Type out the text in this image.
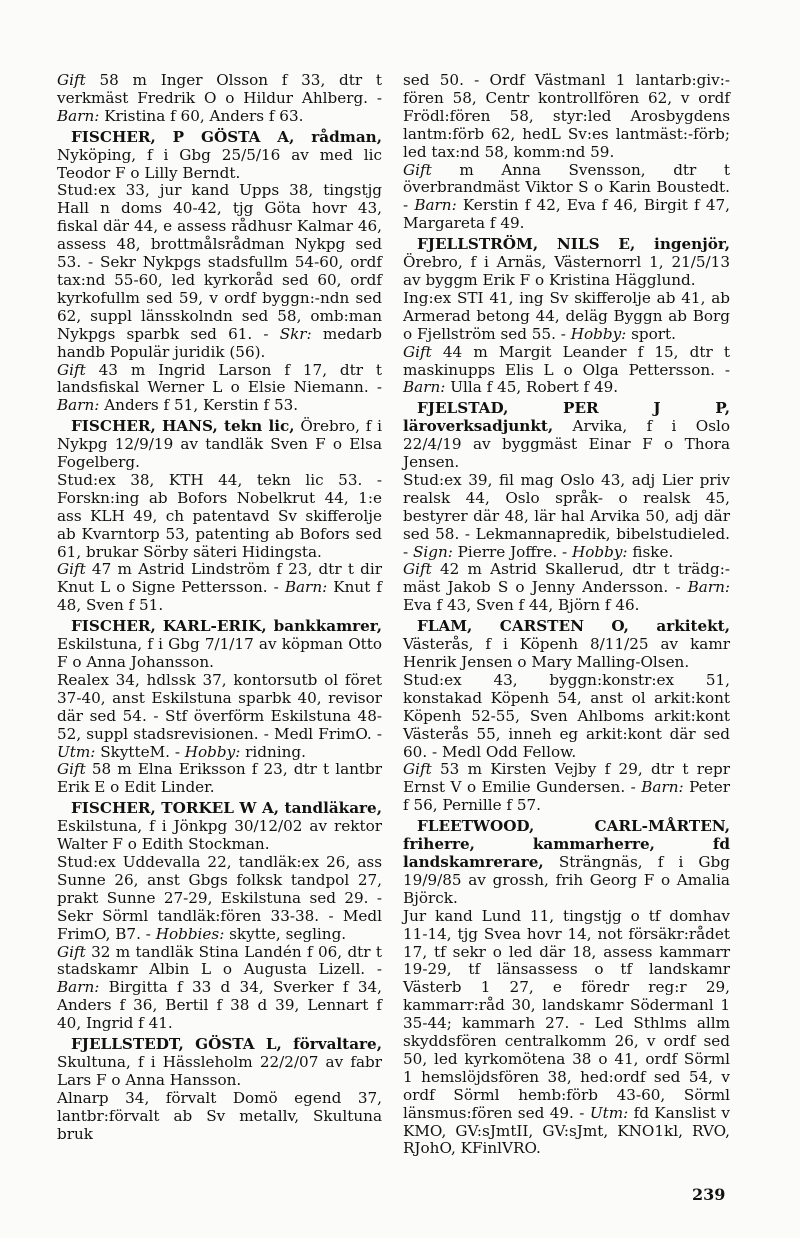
Gift 58 m Inger Olsson f 33, dtr t verkmäst Fredrik O o Hildur Ahlberg. - Barn: Kristina f 60, Anders f 63.

FISCHER, P GÖSTA A, rådman, Nyköping, f i Gbg 25/5/16 av med lic Teodor F o Lilly Berndt.

Stud:ex 33, jur kand Upps 38, tingstjg Hall n doms 40-42, tjg Göta hovr 43, fiskal där 44, e assess rådhusr Kalmar 46, assess 48, brottmålsrådman Nykpg sed 53. - Sekr Nykpgs stadsfullm 54-60, ordf tax:nd 55-60, led kyrkoråd sed 60, ordf kyrkofullm sed 59, v ordf byggn:-ndn sed 62, suppl länsskolndn sed 58, omb:man Nykpgs sparbk sed 61. - Skr: medarb handb Populär juridik (56).

Gift 43 m Ingrid Larson f 17, dtr t landsfiskal Werner L o Elsie Niemann. - Barn: Anders f 51, Kerstin f 53.

FISCHER, HANS, tekn lic, Örebro, f i Nykpg 12/9/19 av tandläk Sven F o Elsa Fogelberg.

Stud:ex 38, KTH 44, tekn lic 53. - Forskn:ing ab Bofors Nobelkrut 44, 1:e ass KLH 49, ch patentavd Sv skifferolje ab Kvarntorp 53, patenting ab Bofors sed 61, brukar Sörby säteri Hidingsta.

Gift 47 m Astrid Lindström f 23, dtr t dir Knut L o Signe Pettersson. - Barn: Knut f 48, Sven f 51.

FISCHER, KARL-ERIK, bankkamrer, Eskilstuna, f i Gbg 7/1/17 av köpman Otto F o Anna Johansson.

Realex 34, hdlssk 37, kontorsutb ol föret 37-40, anst Eskilstuna sparbk 40, revisor där sed 54. - Stf överförm Eskilstuna 48-52, suppl stadsrevisionen. - Medl FrimO. - Utm: SkytteM. - Hobby: ridning.

Gift 58 m Elna Eriksson f 23, dtr t lantbr Erik E o Edit Linder.

FISCHER, TORKEL W A, tandläkare, Eskilstuna, f i Jönkpg 30/12/02 av rektor Walter F o Edith Stockman.

Stud:ex Uddevalla 22, tandläk:ex 26, ass Sunne 26, anst Gbgs folksk tandpol 27, prakt Sunne 27-29, Eskilstuna sed 29. - Sekr Sörml tandläk:fören 33-38. - Medl FrimO, B7. - Hobbies: skytte, segling.

Gift 32 m tandläk Stina Landén f 06, dtr t stadskamr Albin L o Augusta Lizell. - Barn: Birgitta f 33 d 34, Sverker f 34, Anders f 36, Bertil f 38 d 39, Lennart f 40, Ingrid f 41.

FJELLSTEDT, GÖSTA L, förvaltare, Skultuna, f i Hässleholm 22/2/07 av fabr Lars F o Anna Hansson.

Alnarp 34, förvalt Domö egend 37, lantbr:förvalt ab Sv metallv, Skultuna bruk

sed 50. - Ordf Västmanl 1 lantarb:giv:-fören 58, Centr kontrollfören 62, v ordf Frödl:fören 58, styr:led Arosbygdens lantm:förb 62, hedL Sv:es lantmäst:-förb; led tax:nd 58, komm:nd 59.

Gift m Anna Svensson, dtr t överbrandmäst Viktor S o Karin Boustedt. - Barn: Kerstin f 42, Eva f 46, Birgit f 47, Margareta f 49.

FJELLSTRÖM, NILS E, ingenjör, Örebro, f i Arnäs, Västernorrl 1, 21/5/13 av byggm Erik F o Kristina Hägglund.

Ing:ex STI 41, ing Sv skifferolje ab 41, ab Armerad betong 44, deläg Byggn ab Borg o Fjellström sed 55. - Hobby: sport.

Gift 44 m Margit Leander f 15, dtr t maskinupps Elis L o Olga Pettersson. - Barn: Ulla f 45, Robert f 49.

FJELSTAD, PER J P, läroverksadjunkt, Arvika, f i Oslo 22/4/19 av byggmäst Einar F o Thora Jensen.

Stud:ex 39, fil mag Oslo 43, adj Lier priv realsk 44, Oslo språk- o realsk 45, bestyrer där 48, lär hal Arvika 50, adj där sed 58. - Lekmannapredik, bibelstudieled. - Sign: Pierre Joffre. - Hobby: fiske.

Gift 42 m Astrid Skallerud, dtr t trädg:-mäst Jakob S o Jenny Andersson. - Barn: Eva f 43, Sven f 44, Björn f 46.

FLAM, CARSTEN O, arkitekt, Västerås, f i Köpenh 8/11/25 av kamr Henrik Jensen o Mary Malling-Olsen.

Stud:ex 43, byggn:konstr:ex 51, konstakad Köpenh 54, anst ol arkit:kont Köpenh 52-55, Sven Ahlboms arkit:kont Västerås 55, inneh eg arkit:kont där sed 60. - Medl Odd Fellow.

Gift 53 m Kirsten Vejby f 29, dtr t repr Ernst V o Emilie Gundersen. - Barn: Peter f 56, Pernille f 57.

FLEETWOOD, CARL-MÅRTEN, friherre, kammarherre, fd landskamrerare, Strängnäs, f i Gbg 19/9/85 av grossh, frih Georg F o Amalia Björck.

Jur kand Lund 11, tingstjg o tf domhav 11-14, tjg Svea hovr 14, not försäkr:rådet 17, tf sekr o led där 18, assess kammarr 19-29, tf länsassess o tf landskamr Västerb 1 27, e föredr reg:r 29, kammarr:råd 30, landskamr Södermanl 1 35-44; kammarh 27. - Led Sthlms allm skyddsfören centralkomm 26, v ordf sed 50, led kyrkomötena 38 o 41, ordf Sörml 1 hemslöjdsfören 38, hed:ordf sed 54, v ordf Sörml hemb:förb 43-60, Sörml länsmus:fören sed 49. - Utm: fd Kanslist v KMO, GV:sJmtII, GV:sJmt, KNO1kl, RVO, RJohO, KFinlVRO.

239
